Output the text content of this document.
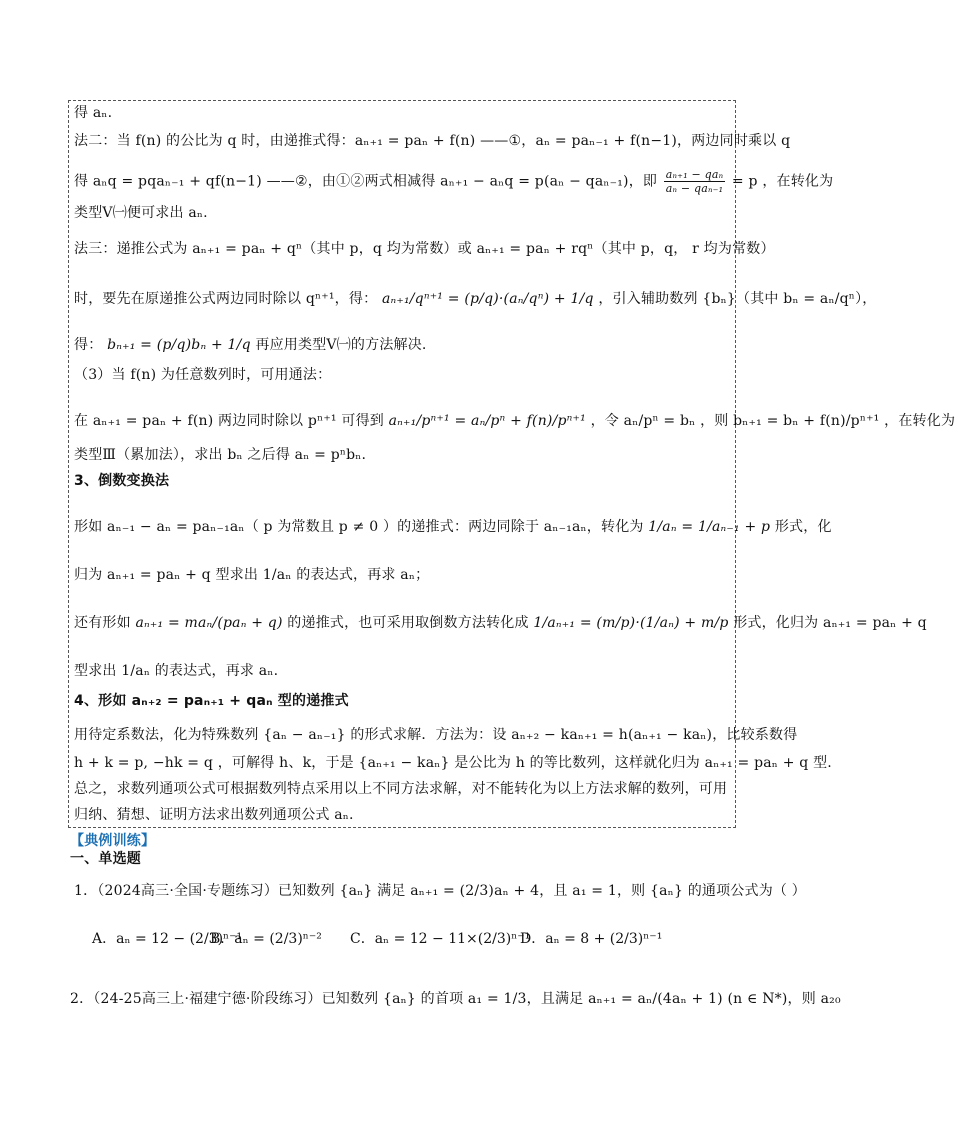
得 aₙ.
法二：当 f(n) 的公比为 q 时，由递推式得：aₙ₊₁ = paₙ + f(n) ——①，aₙ = paₙ₋₁ + f(n−1)，两边同时乘以 q
得 aₙq = pqaₙ₋₁ + qf(n−1) ——②，由①②两式相减得 aₙ₊₁ − aₙq = p(aₙ − qaₙ₋₁)，即 $\frac{\text{aₙ₊₁ − qaₙ}}{\text{aₙ − qaₙ₋₁}} = p$ ，在转化为
类型Ⅴ㈠便可求出 aₙ.
法三：递推公式为 aₙ₊₁ = paₙ + qⁿ（其中 p，q 均为常数）或 aₙ₊₁ = paₙ + rqⁿ（其中 p，q， r 均为常数）
时，要先在原递推公式两边同时除以 qⁿ⁺¹，得： aₙ₊₁/qⁿ⁺¹ = (p/q)·(aₙ/qⁿ) + 1/q ，引入辅助数列 {bₙ}（其中 bₙ = aₙ/qⁿ），
得： bₙ₊₁ = (p/q)bₙ + 1/q 再应用类型Ⅴ㈠的方法解决.
（3）当 f(n) 为任意数列时，可用通法：
在 aₙ₊₁ = paₙ + f(n) 两边同时除以 pⁿ⁺¹ 可得到 aₙ₊₁/pⁿ⁺¹ = aₙ/pⁿ + f(n)/pⁿ⁺¹ ，令 aₙ/pⁿ = bₙ ，则 bₙ₊₁ = bₙ + f(n)/pⁿ⁺¹ ，在转化为
类型Ⅲ（累加法），求出 bₙ 之后得 aₙ = pⁿbₙ.
3、倒数变换法
形如 aₙ₋₁ − aₙ = paₙ₋₁aₙ（ p 为常数且 p ≠ 0 ）的递推式：两边同除于 aₙ₋₁aₙ，转化为 1/aₙ = 1/aₙ₋₁ + p 形式，化
归为 aₙ₊₁ = paₙ + q 型求出 1/aₙ 的表达式，再求 aₙ；
还有形如 aₙ₊₁ = maₙ/(paₙ + q) 的递推式，也可采用取倒数方法转化成 1/aₙ₊₁ = (m/p)·(1/aₙ) + m/p 形式，化归为 aₙ₊₁ = paₙ + q
型求出 1/aₙ 的表达式，再求 aₙ.
4、形如 aₙ₊₂ = paₙ₊₁ + qaₙ 型的递推式
用待定系数法，化为特殊数列 {aₙ − aₙ₋₁} 的形式求解．方法为：设 aₙ₊₂ − kaₙ₊₁ = h(aₙ₊₁ − kaₙ)，比较系数得
h + k = p, −hk = q ，可解得 h、k，于是 {aₙ₊₁ − kaₙ} 是公比为 h 的等比数列，这样就化归为 aₙ₊₁ = paₙ + q 型.
总之，求数列通项公式可根据数列特点采用以上不同方法求解，对不能转化为以上方法求解的数列，可用
归纳、猜想、证明方法求出数列通项公式 aₙ.
【典例训练】
一、单选题
1．（2024高三·全国·专题练习）已知数列 {aₙ} 满足 aₙ₊₁ = (2/3)aₙ + 4，且 a₁ = 1，则 {aₙ} 的通项公式为（ ）
A．aₙ = 12 − (2/3)ⁿ⁻¹
B．aₙ = (2/3)ⁿ⁻² C．aₙ = 12 − 11×(2/3)ⁿ⁻¹
D．aₙ = 8 + (2/3)ⁿ⁻¹
2．（24-25高三上·福建宁德·阶段练习）已知数列 {aₙ} 的首项 a₁ = 1/3，且满足 aₙ₊₁ = aₙ/(4aₙ + 1) (n ∈ N*)，则 a₂₀
